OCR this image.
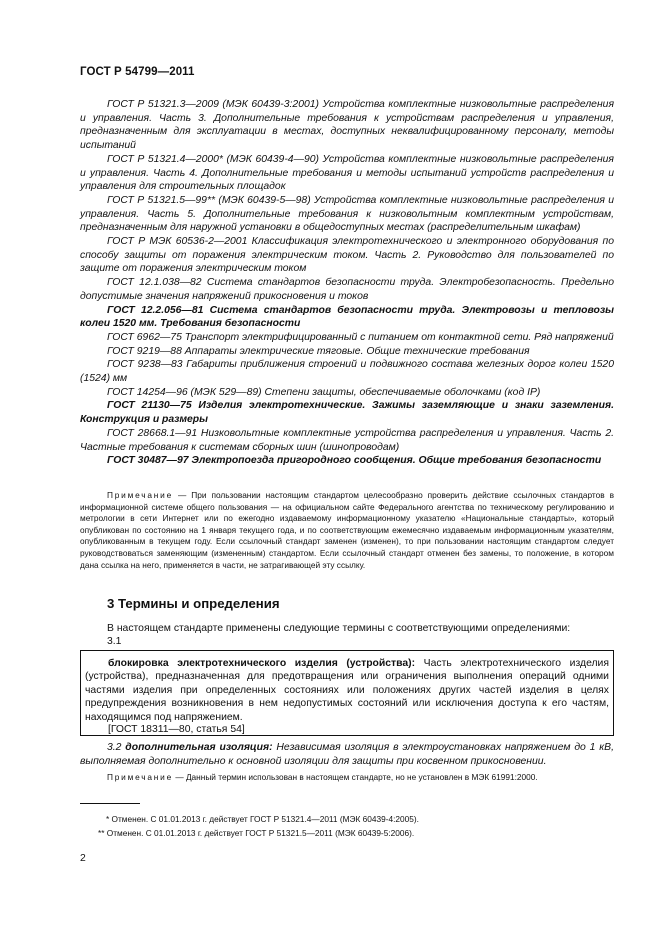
ГОСТ Р 54799—2011

ГОСТ Р 51321.3—2009 (МЭК 60439-3:2001) Устройства комплектные низковольтные распределения и управления. Часть 3. Дополнительные требования к устройствам распределения и управления, предназначенным для эксплуатации в местах, доступных неквалифицированному персоналу, методы испытаний

ГОСТ Р 51321.4—2000* (МЭК 60439-4—90) Устройства комплектные низковольтные распределения и управления. Часть 4. Дополнительные требования и методы испытаний устройств распределения и управления для строительных площадок

ГОСТ Р 51321.5—99** (МЭК 60439-5—98) Устройства комплектные низковольтные распределения и управления. Часть 5. Дополнительные требования к низковольтным комплектным устройствам, предназначенным для наружной установки в общедоступных местах (распределительным шкафам)

ГОСТ Р МЭК 60536-2—2001 Классификация электротехнического и электронного оборудования по способу защиты от поражения электрическим током. Часть 2. Руководство для пользователей по защите от поражения электрическим током

ГОСТ 12.1.038—82 Система стандартов безопасности труда. Электробезопасность. Предельно допустимые значения напряжений прикосновения и токов

ГОСТ 12.2.056—81 Система стандартов безопасности труда. Электровозы и тепловозы колеи 1520 мм. Требования безопасности

ГОСТ 6962—75 Транспорт электрифицированный с питанием от контактной сети. Ряд напряжений

ГОСТ 9219—88 Аппараты электрические тяговые. Общие технические требования

ГОСТ 9238—83 Габариты приближения строений и подвижного состава железных дорог колеи 1520 (1524) мм

ГОСТ 14254—96 (МЭК 529—89) Степени защиты, обеспечиваемые оболочками (код IP)

ГОСТ 21130—75 Изделия электротехнические. Зажимы заземляющие и знаки заземления. Конструкция и размеры

ГОСТ 28668.1—91 Низковольтные комплектные устройства распределения и управления. Часть 2. Частные требования к системам сборных шин (шинопроводам)

ГОСТ 30487—97 Электропоезда пригородного сообщения. Общие требования безопасности

Примечание — При пользовании настоящим стандартом целесообразно проверить действие ссылочных стандартов в информационной системе общего пользования — на официальном сайте Федерального агентства по техническому регулированию и метрологии в сети Интернет или по ежегодно издаваемому информационному указателю «Национальные стандарты», который опубликован по состоянию на 1 января текущего года, и по соответствующим ежемесячно издаваемым информационным указателям, опубликованным в текущем году. Если ссылочный стандарт заменен (изменен), то при пользовании настоящим стандартом следует руководствоваться заменяющим (измененным) стандартом. Если ссылочный стандарт отменен без замены, то положение, в котором дана ссылка на него, применяется в части, не затрагивающей эту ссылку.

3 Термины и определения

В настоящем стандарте применены следующие термины с соответствующими определениями:

3.1

блокировка электротехнического изделия (устройства): Часть электротехнического изделия (устройства), предназначенная для предотвращения или ограничения выполнения операций одними частями изделия при определенных состояниях или положениях других частей изделия в целях предупреждения возникновения в нем недопустимых состояний или исключения доступа к его частям, находящимся под напряжением.

[ГОСТ 18311—80, статья 54]

3.2 дополнительная изоляция: Независимая изоляция в электроустановках напряжением до 1 кВ, выполняемая дополнительно к основной изоляции для защиты при косвенном прикосновении.

Примечание — Данный термин использован в настоящем стандарте, но не установлен в МЭК 61991:2000.

* Отменен. С 01.01.2013 г. действует ГОСТ Р 51321.4—2011 (МЭК 60439-4:2005).
** Отменен. С 01.01.2013 г. действует ГОСТ Р 51321.5—2011 (МЭК 60439-5:2006).
2
